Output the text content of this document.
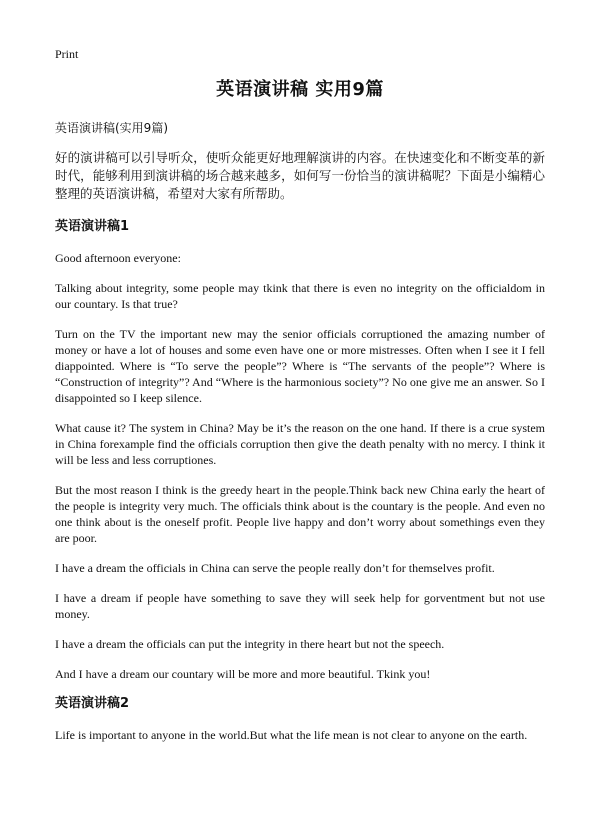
Print
英语演讲稿 实用9篇
英语演讲稿(实用9篇)
好的演讲稿可以引导听众，使听众能更好地理解演讲的内容。在快速变化和不断变革的新时代，能够利用到演讲稿的场合越来越多，如何写一份恰当的演讲稿呢？下面是小编精心整理的英语演讲稿，希望对大家有所帮助。
英语演讲稿1

Good afternoon everyone:

Talking about integrity, some people may tkink that there is even no integrity on the officialdom in our countary. Is that true?

Turn on the TV the important new may the senior officials corruptioned the amazing number of money or have a lot of houses and some even have one or more mistresses. Often when I see it I fell diappointed. Where is “To serve the people”? Where is “The servants of the people”? Where is “Construction of integrity”? And “Where is the harmonious society”? No one give me an answer. So I disappointed so I keep silence.

What cause it? The system in China? May be it’s the reason on the one hand. If there is a crue system in China forexample find the officials corruption then give the death penalty with no mercy. I think it will be less and less corruptiones.

But the most reason I think is the greedy heart in the people.Think back new China early the heart of the people is integrity very much. The officials think about is the countary is the people. And even no one think about is the oneself profit. People live happy and don’t worry about somethings even they are poor.

I have a dream the officials in China can serve the people really don’t for themselves profit.

I have a dream if people have something to save they will seek help for gorventment but not use money.

I have a dream the officials can put the integrity in there heart but not the speech.

And I have a dream our countary will be more and more beautiful. Tkink you!

英语演讲稿2

Life is important to anyone in the world.But what the life mean is not clear to anyone on the earth.
